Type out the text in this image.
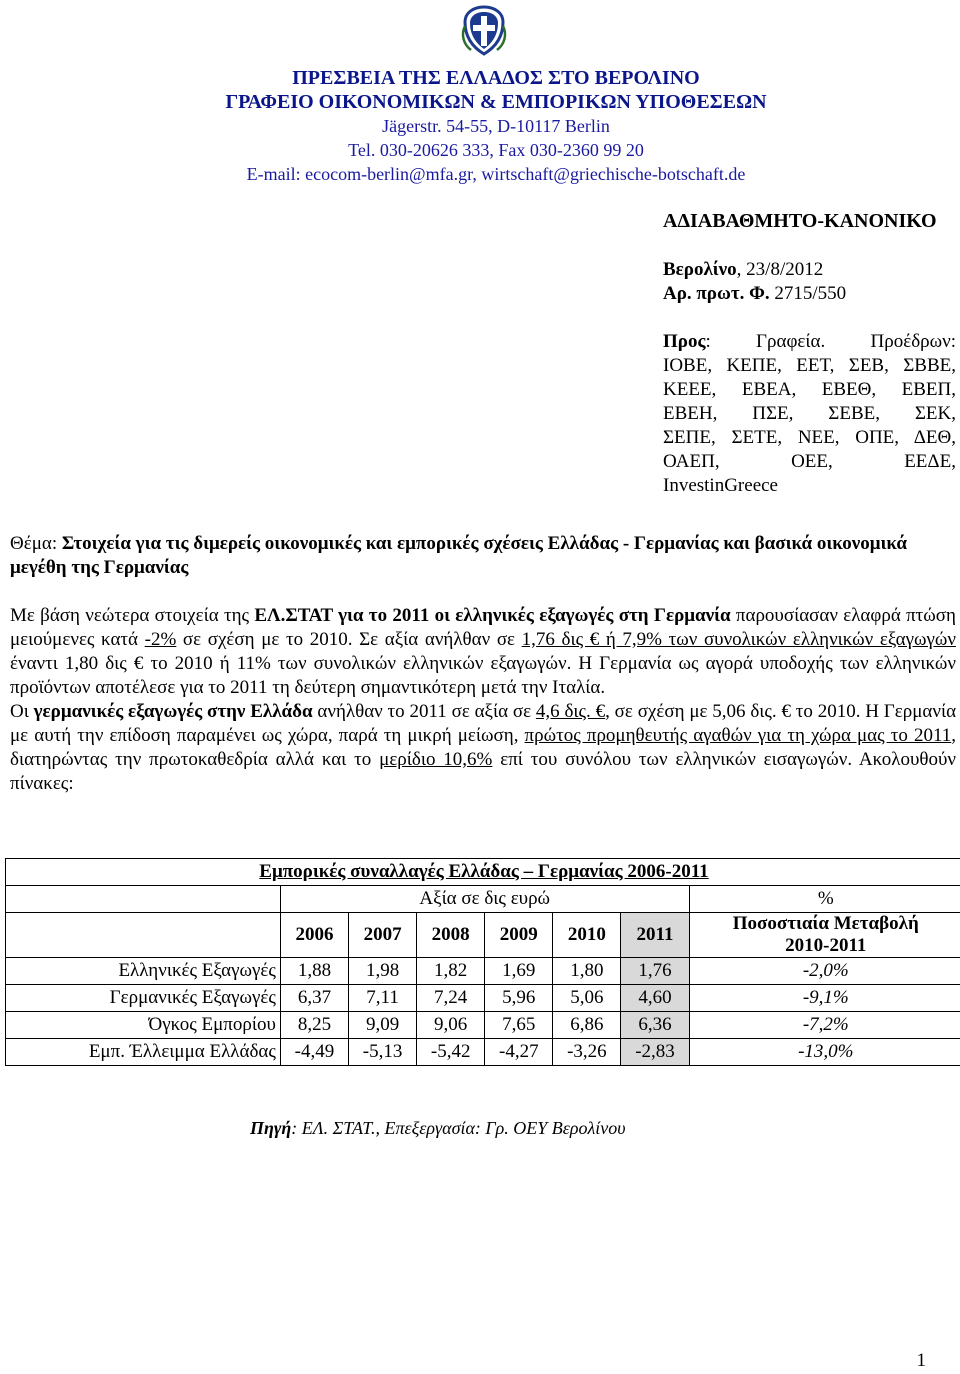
ΠΡΕΣΒΕΙΑ ΤΗΣ ΕΛΛΑΔΟΣ ΣΤΟ ΒΕΡΟΛΙΝΟ
ΓΡΑΦΕΙΟ ΟΙΚΟΝΟΜΙΚΩΝ & ΕΜΠΟΡΙΚΩΝ ΥΠΟΘΕΣΕΩΝ
Jägerstr. 54-55, D-10117 Berlin
Tel. 030-20626 333, Fax 030-2360 99 20
E-mail: ecocom-berlin@mfa.gr, wirtschaft@griechische-botschaft.de
ΑΔΙΑΒΑΘΜΗΤΟ-ΚΑΝΟΝΙΚΟ
Βερολίνο, 23/8/2012
Αρ. πρωτ. Φ. 2715/550
Προς: Γραφεία. Προέδρων:
ΙΟΒΕ, ΚΕΠΕ, ΕΕΤ, ΣΕΒ, ΣΒΒΕ,
ΚΕΕΕ, ΕΒΕΑ, ΕΒΕΘ, ΕΒΕΠ,
ΕΒΕΗ, ΠΣΕ, ΣΕΒΕ, ΣΕΚ,
ΣΕΠΕ, ΣΕΤΕ, ΝΕΕ, ΟΠΕ, ΔΕΘ,
ΟΑΕΠ, ΟΕΕ, ΕΕΔΕ,
InvestinGreece
Θέμα: Στοιχεία για τις διμερείς οικονομικές και εμπορικές σχέσεις Ελλάδας - Γερμανίας και βασικά οικονομικά μεγέθη της Γερμανίας
Με βάση νεώτερα στοιχεία της ΕΛ.ΣΤΑΤ για το 2011 οι ελληνικές εξαγωγές στη Γερμανία παρουσίασαν ελαφρά πτώση μειούμενες κατά -2% σε σχέση με το 2010. Σε αξία ανήλθαν σε 1,76 δις € ή 7,9% των συνολικών ελληνικών εξαγωγών έναντι 1,80 δις € το 2010 ή 11% των συνολικών ελληνικών εξαγωγών. Η Γερμανία ως αγορά υποδοχής των ελληνικών προϊόντων αποτέλεσε για το 2011 τη δεύτερη σημαντικότερη μετά την Ιταλία.
Οι γερμανικές εξαγωγές στην Ελλάδα ανήλθαν το 2011 σε αξία σε 4,6 δις. €, σε σχέση με 5,06 δις. € το 2010. Η Γερμανία με αυτή την επίδοση παραμένει ως χώρα, παρά τη μικρή μείωση, πρώτος προμηθευτής αγαθών για τη χώρα μας το 2011, διατηρώντας την πρωτοκαθεδρία αλλά και το μερίδιο 10,6% επί του συνόλου των ελληνικών εισαγωγών. Ακολουθούν πίνακες:
Εμπορικές συναλλαγές Ελλάδας – Γερμανίας 2006-2011							
	Αξία σε δις ευρώ						%
	2006	2007	2008	2009	2010	2011	Ποσοστιαία Μεταβολή
2010-2011

Ελληνικές Εξαγωγές	1,88	1,98	1,82	1,69	1,80	1,76	-2,0%
Γερμανικές Εξαγωγές	6,37	7,11	7,24	5,96	5,06	4,60	-9,1%
Όγκος Εμπορίου	8,25	9,09	9,06	7,65	6,86	6,36	-7,2%
Εμπ. Έλλειμμα Ελλάδας	-4,49	-5,13	-5,42	-4,27	-3,26	-2,83	-13,0%
Πηγή: ΕΛ. ΣΤΑΤ., Επεξεργασία: Γρ. ΟΕΥ Βερολίνου
1
